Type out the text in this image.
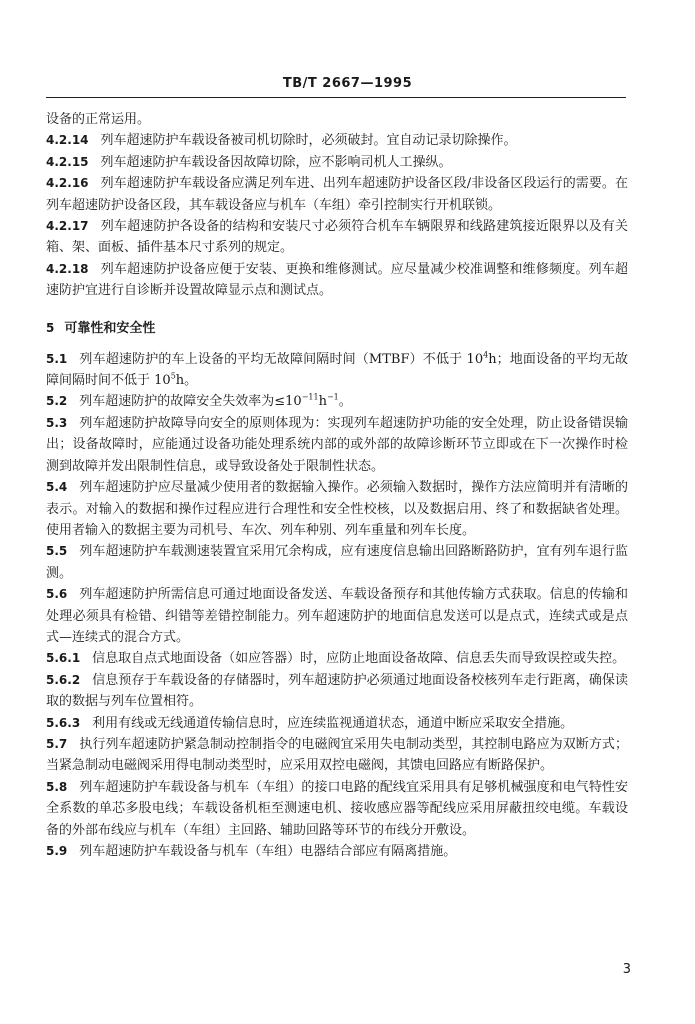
TB/T 2667—1995

设备的正常运用。

4.2.14 列车超速防护车载设备被司机切除时，必须破封。宜自动记录切除操作。

4.2.15 列车超速防护车载设备因故障切除，应不影响司机人工操纵。

4.2.16 列车超速防护车载设备应满足列车进、出列车超速防护设备区段/非设备区段运行的需要。在列车超速防护设备区段，其车载设备应与机车（车组）牵引控制实行开机联锁。

4.2.17 列车超速防护各设备的结构和安装尺寸必须符合机车车辆限界和线路建筑接近限界以及有关箱、架、面板、插件基本尺寸系列的规定。

4.2.18 列车超速防护设备应便于安装、更换和维修测试。应尽量减少校准调整和维修频度。列车超速防护宜进行自诊断并设置故障显示点和测试点。

5 可靠性和安全性

5.1 列车超速防护的车上设备的平均无故障间隔时间（MTBF）不低于 $10^4h$；地面设备的平均无故障间隔时间不低于 $10^5h$。

5.2 列车超速防护的故障安全失效率为$\le 10^{-11}h^{-1}$。

5.3 列车超速防护故障导向安全的原则体现为：实现列车超速防护功能的安全处理，防止设备错误输出；设备故障时，应能通过设备功能处理系统内部的或外部的故障诊断环节立即或在下一次操作时检测到故障并发出限制性信息，或导致设备处于限制性状态。

5.4 列车超速防护应尽量减少使用者的数据输入操作。必须输入数据时，操作方法应简明并有清晰的表示。对输入的数据和操作过程应进行合理性和安全性校核，以及数据启用、终了和数据缺省处理。使用者输入的数据主要为司机号、车次、列车种别、列车重量和列车长度。

5.5 列车超速防护车载测速装置宜采用冗余构成，应有速度信息输出回路断路防护，宜有列车退行监测。

5.6 列车超速防护所需信息可通过地面设备发送、车载设备预存和其他传输方式获取。信息的传输和处理必须具有检错、纠错等差错控制能力。列车超速防护的地面信息发送可以是点式，连续式或是点式—连续式的混合方式。

5.6.1 信息取自点式地面设备（如应答器）时，应防止地面设备故障、信息丢失而导致误控或失控。

5.6.2 信息预存于车载设备的存储器时，列车超速防护必须通过地面设备校核列车走行距离，确保读取的数据与列车位置相符。

5.6.3 利用有线或无线通道传输信息时，应连续监视通道状态，通道中断应采取安全措施。

5.7 执行列车超速防护紧急制动控制指令的电磁阀宜采用失电制动类型，其控制电路应为双断方式；当紧急制动电磁阀采用得电制动类型时，应采用双控电磁阀，其馈电回路应有断路保护。

5.8 列车超速防护车载设备与机车（车组）的接口电路的配线宜采用具有足够机械强度和电气特性安全系数的单芯多股电线；车载设备机柜至测速电机、接收感应器等配线应采用屏蔽扭绞电缆。车载设备的外部布线应与机车（车组）主回路、辅助回路等环节的布线分开敷设。

5.9 列车超速防护车载设备与机车（车组）电器结合部应有隔离措施。

3
